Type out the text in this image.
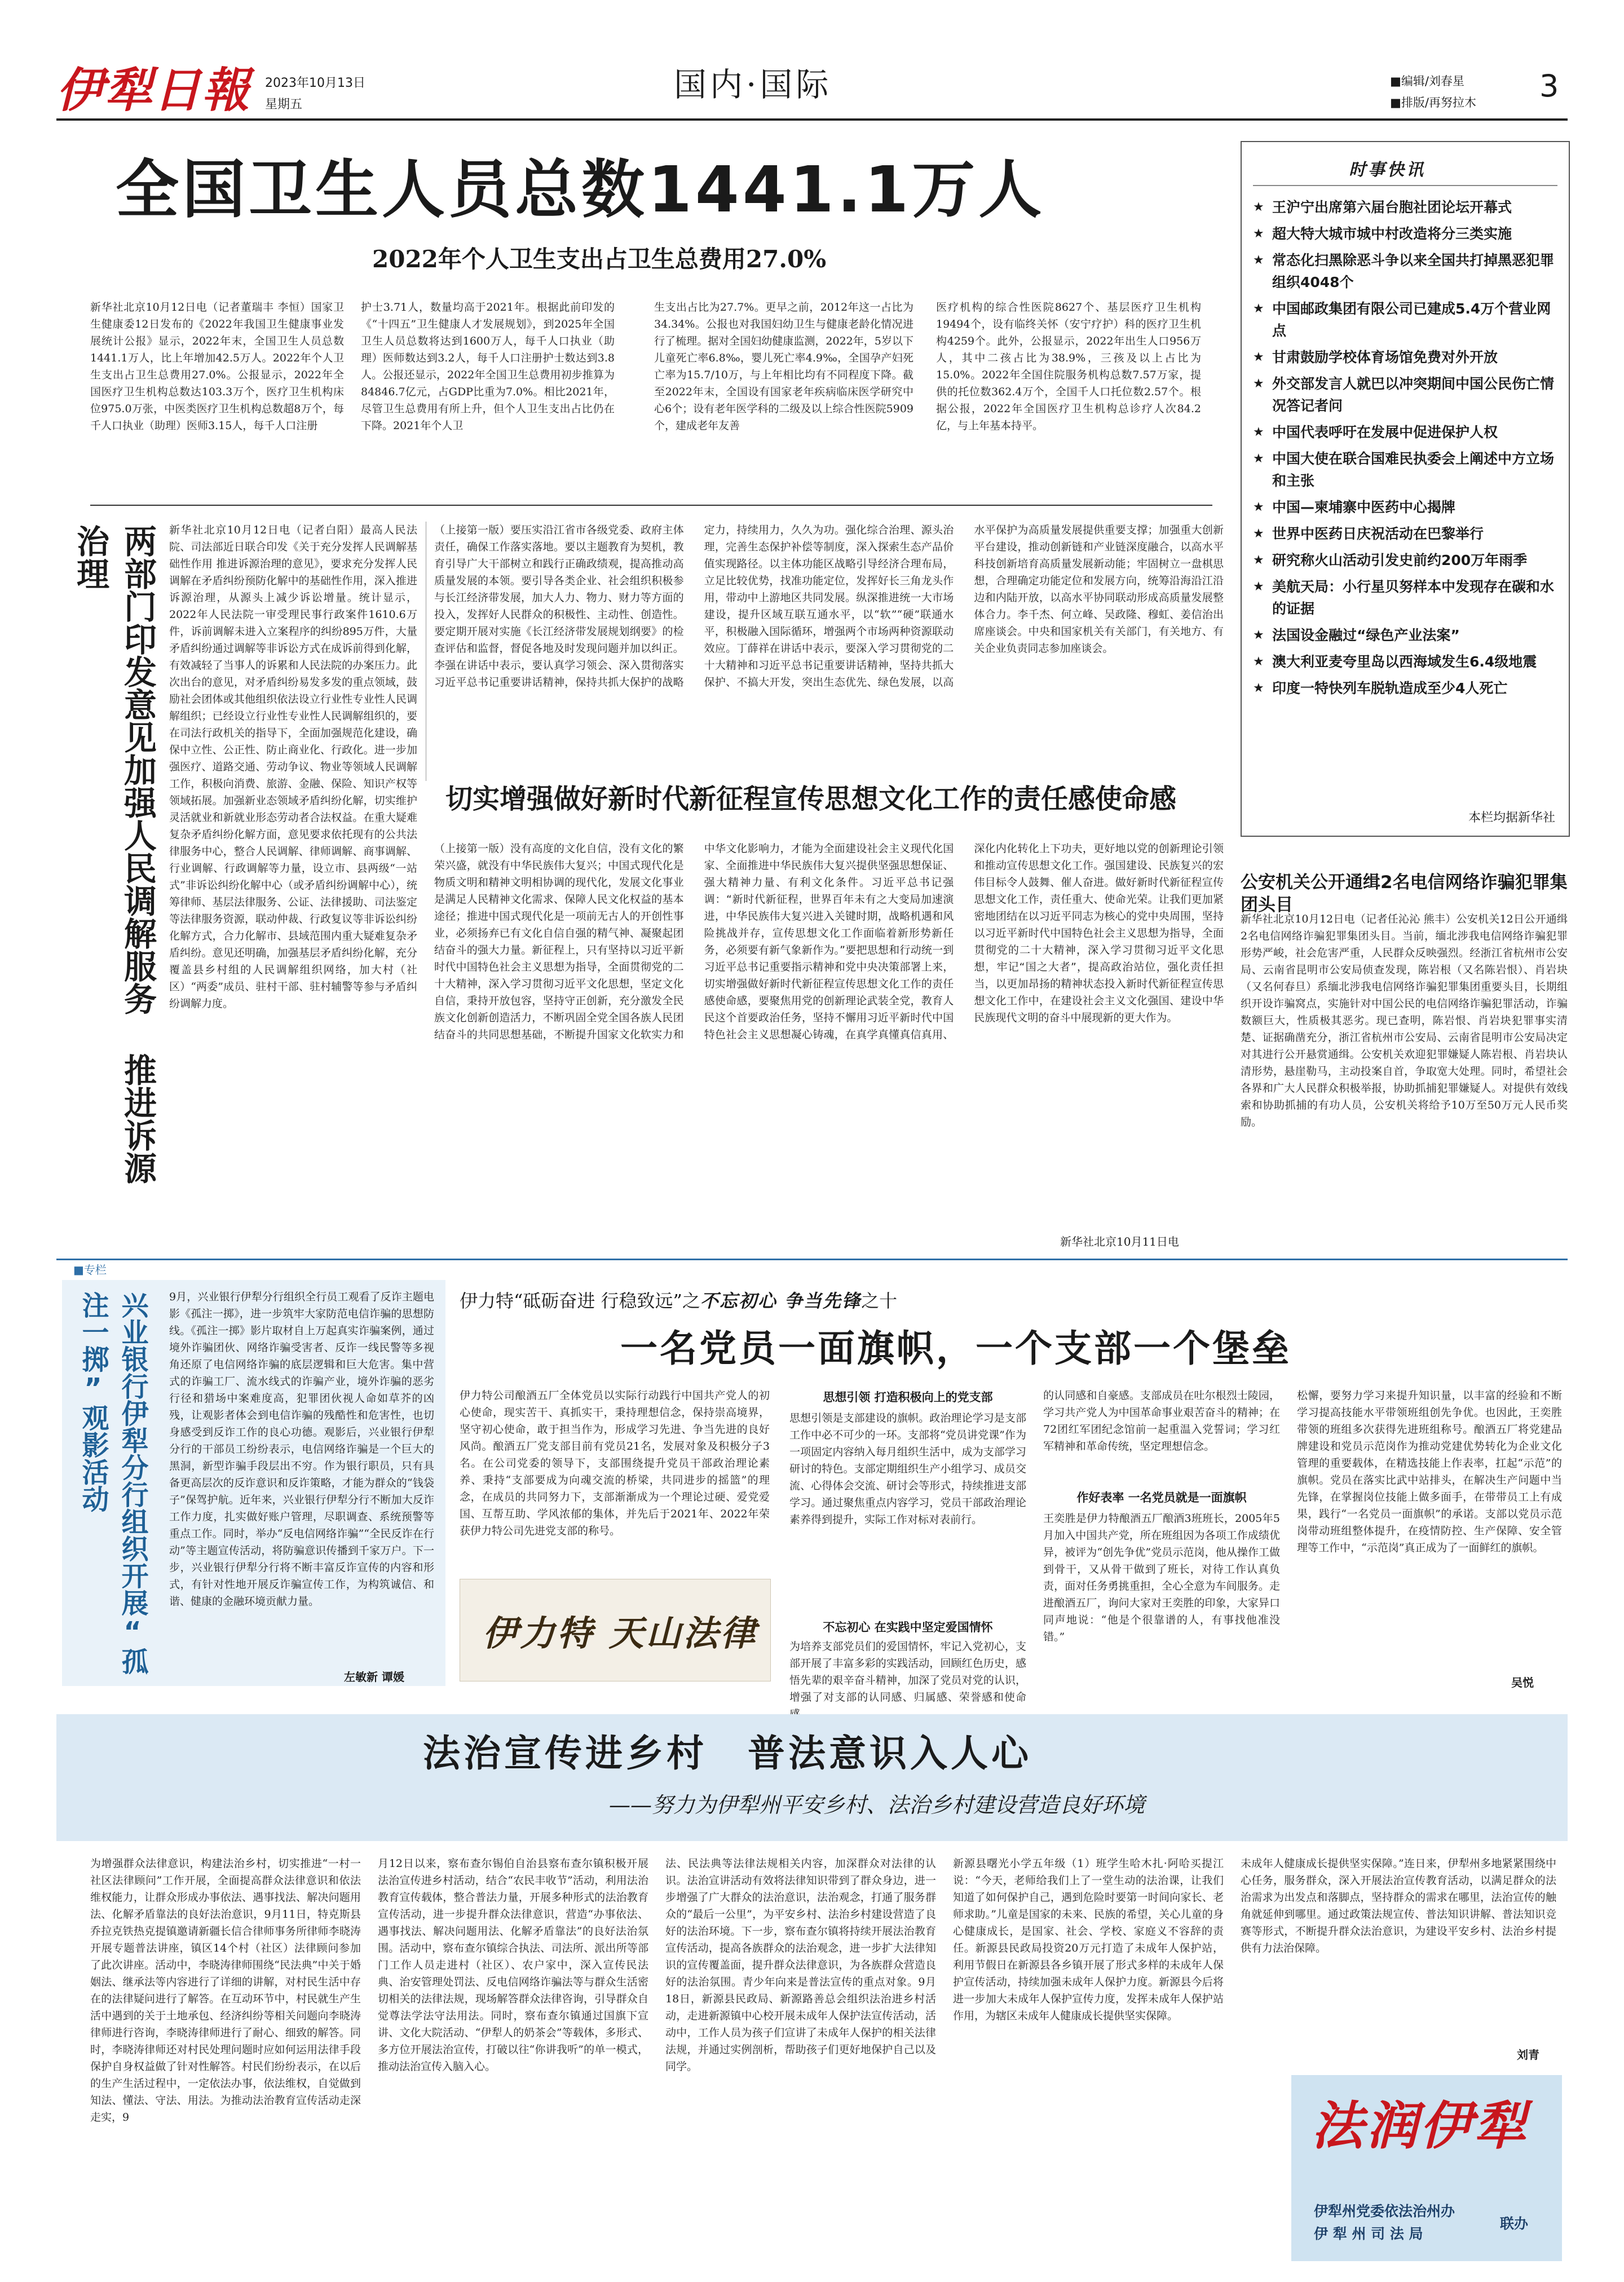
伊犁日報 2023年10月13日
星期五
国内·国际	■编辑/刘春星
■排版/再努拉木 3
全国卫生人员总数1441.1万人
2022年个人卫生支出占卫生总费用27.0%
新华社北京10月12日电（记者董瑞丰 李恒）国家卫生健康委12日发布的《2022年我国卫生健康事业发展统计公报》显示，2022年末，全国卫生人员总数1441.1万人，比上年增加42.5万人。2022年个人卫生支出占卫生总费用27.0%。公报显示，2022年全国医疗卫生机构总数达103.3万个，医疗卫生机构床位975.0万张，中医类医疗卫生机构总数超8万个，每千人口执业（助理）医师3.15人，每千人口注册
护士3.71人，数量均高于2021年。根据此前印发的《“十四五”卫生健康人才发展规划》，到2025年全国卫生人员总数将达到1600万人，每千人口执业（助理）医师数达到3.2人，每千人口注册护士数达到3.8人。公报还显示，2022年全国卫生总费用初步推算为84846.7亿元，占GDP比重为7.0%。相比2021年，尽管卫生总费用有所上升，但个人卫生支出占比仍在下降。2021年个人卫
生支出占比为27.7%。更早之前，2012年这一占比为34.34%。公报也对我国妇幼卫生与健康老龄化情况进行了梳理。据对全国妇幼健康监测，2022年，5岁以下儿童死亡率6.8‰，婴儿死亡率4.9‰，全国孕产妇死亡率为15.7/10万，与上年相比均有不同程度下降。截至2022年末，全国设有国家老年疾病临床医学研究中心6个；设有老年医学科的二级及以上综合性医院5909个，建成老年友善
医疗机构的综合性医院8627个、基层医疗卫生机构19494个，设有临终关怀（安宁疗护）科的医疗卫生机构4259个。此外，公报显示，2022年出生人口956万人，其中二孩占比为38.9%，三孩及以上占比为15.0%。2022年全国住院服务机构总数7.57万家，提供的托位数362.4万个，全国千人口托位数2.57个。根据公报，2022年全国医疗卫生机构总诊疗人次84.2亿，与上年基本持平。
时事快讯
★ 王沪宁出席第六届台胞社团论坛开幕式
★ 超大特大城市城中村改造将分三类实施
★ 常态化扫黑除恶斗争以来全国共打掉黑恶犯罪组织4048个
★ 中国邮政集团有限公司已建成5.4万个营业网点
★ 甘肃鼓励学校体育场馆免费对外开放
★ 外交部发言人就巴以冲突期间中国公民伤亡情况答记者问
★ 中国代表呼吁在发展中促进保护人权
★ 中国大使在联合国难民执委会上阐述中方立场和主张
★ 中国—柬埔寨中医药中心揭牌
★ 世界中医药日庆祝活动在巴黎举行
★ 研究称火山活动引发史前约200万年雨季
★ 美航天局：小行星贝努样本中发现存在碳和水的证据
★ 法国设金融过“绿色产业法案”
★ 澳大利亚麦夸里岛以西海域发生6.4级地震
★ 印度一特快列车脱轨造成至少4人死亡
本栏均据新华社
两部门印发意见加强人民调解服务 推进诉源治理	新华社北京10月12日电（记者白阳）最高人民法院、司法部近日联合印发《关于充分发挥人民调解基础性作用 推进诉源治理的意见》，要求充分发挥人民调解在矛盾纠纷预防化解中的基础性作用，深入推进诉源治理，从源头上减少诉讼增量。统计显示，2022年人民法院一审受理民事行政案件1610.6万件，诉前调解未进入立案程序的纠纷895万件，大量矛盾纠纷通过调解等非诉讼方式在成诉前得到化解，有效减轻了当事人的诉累和人民法院的办案压力。此次出台的意见，对矛盾纠纷易发多发的重点领域，鼓励社会团体或其他组织依法设立行业性专业性人民调解组织；已经设立行业性专业性人民调解组织的，要在司法行政机关的指导下，全面加强规范化建设，确保中立性、公正性、防止商业化、行政化。进一步加强医疗、道路交通、劳动争议、物业等领域人民调解工作，积极向消费、旅游、金融、保险、知识产权等领域拓展。加强新业态领域矛盾纠纷化解，切实维护灵活就业和新就业形态劳动者合法权益。在重大疑难复杂矛盾纠纷化解方面，意见要求依托现有的公共法律服务中心，整合人民调解、律师调解、商事调解、行业调解、行政调解等力量，设立市、县两级“一站式”非诉讼纠纷化解中心（或矛盾纠纷调解中心），统筹律师、基层法律服务、公证、法律援助、司法鉴定等法律服务资源，联动仲裁、行政复议等非诉讼纠纷化解方式，合力化解市、县域范围内重大疑难复杂矛盾纠纷。意见还明确，加强基层矛盾纠纷化解，充分覆盖县乡村组的人民调解组织网络，加大村（社区）“两委”成员、驻村干部、驻村辅警等参与矛盾纠纷调解力度。
（上接第一版）要压实沿江省市各级党委、政府主体责任，确保工作落实落地。要以主题教育为契机，教育引导广大干部树立和践行正确政绩观，提高推动高质量发展的本领。要引导各类企业、社会组织积极参与长江经济带发展，加大人力、物力、财力等方面的投入，发挥好人民群众的积极性、主动性、创造性。要定期开展对实施《长江经济带发展规划纲要》的检查评估和监督，督促各地及时发现问题并加以纠正。李强在讲话中表示，要认真学习领会、深入贯彻落实习近平总书记重要讲话精神，保持共抓大保护的战略定力，持续用力，久久为功。强化综合治理、源头治理，完善生态保护补偿等制度，深入探索生态产品价值实现路径。以主体功能区战略引导经济合理布局，立足比较优势，找准功能定位，发挥好长三角龙头作用，带动中上游地区共同发展。纵深推进统一大市场建设，提升区域互联互通水平，以“软”“硬”联通水平，积极融入国际循环，增强两个市场两种资源联动效应。丁薛祥在讲话中表示，要深入学习贯彻党的二十大精神和习近平总书记重要讲话精神，坚持共抓大保护、不搞大开发，突出生态优先、绿色发展，以高水平保护为高质量发展提供重要支撑；加强重大创新平台建设，推动创新链和产业链深度融合，以高水平科技创新培育高质量发展新动能；牢固树立一盘棋思想，合理确定功能定位和发展方向，统筹沿海沿江沿边和内陆开放，以高水平协同联动形成高质量发展整体合力。李千杰、何立峰、吴政隆、穆虹、姜信治出席座谈会。中央和国家机关有关部门，有关地方、有关企业负责同志参加座谈会。
切实增强做好新时代新征程宣传思想文化工作的责任感使命感
（上接第一版）没有高度的文化自信，没有文化的繁荣兴盛，就没有中华民族伟大复兴；中国式现代化是物质文明和精神文明相协调的现代化，发展文化事业是满足人民精神文化需求、保障人民文化权益的基本途径；推进中国式现代化是一项前无古人的开创性事业，必须扬弃已有文化自信自强的精气神、凝聚起团结奋斗的强大力量。新征程上，只有坚持以习近平新时代中国特色社会主义思想为指导，全面贯彻党的二十大精神，深入学习贯彻习近平文化思想，坚定文化自信，秉持开放包容，坚持守正创新，充分激发全民族文化创新创造活力，不断巩固全党全国各族人民团结奋斗的共同思想基础，不断提升国家文化软实力和中华文化影响力，才能为全面建设社会主义现代化国家、全面推进中华民族伟大复兴提供坚强思想保证、强大精神力量、有利文化条件。习近平总书记强调：“新时代新征程，世界百年未有之大变局加速演进，中华民族伟大复兴进入关键时期，战略机遇和风险挑战并存，宣传思想文化工作面临着新形势新任务，必须要有新气象新作为。”要把思想和行动统一到习近平总书记重要指示精神和党中央决策部署上来，切实增强做好新时代新征程宣传思想文化工作的责任感使命感，要聚焦用党的创新理论武装全党，教育人民这个首要政治任务，坚持不懈用习近平新时代中国特色社会主义思想凝心铸魂，在真学真懂真信真用、深化内化转化上下功夫，更好地以党的创新理论引领和推动宣传思想文化工作。强国建设、民族复兴的宏伟目标令人鼓舞、催人奋进。做好新时代新征程宣传思想文化工作，责任重大、使命光荣。让我们更加紧密地团结在以习近平同志为核心的党中央周围，坚持以习近平新时代中国特色社会主义思想为指导，全面贯彻党的二十大精神，深入学习贯彻习近平文化思想，牢记“国之大者”，提高政治站位，强化责任担当，以更加昂扬的精神状态投入新时代新征程宣传思想文化工作中，在建设社会主义文化强国、建设中华民族现代文明的奋斗中展现新的更大作为。
新华社北京10月11日电
公安机关公开通缉2名电信网络诈骗犯罪集团头目
新华社北京10月12日电（记者任沁沁 熊丰）公安机关12日公开通缉2名电信网络诈骗犯罪集团头目。当前，缅北涉我电信网络诈骗犯罪形势严峻，社会危害严重，人民群众反映强烈。经浙江省杭州市公安局、云南省昆明市公安局侦查发现，陈岩根（又名陈岩恨）、肖岩块（又名何春旦）系缅北涉我电信网络诈骗犯罪集团重要头目，长期组织开设诈骗窝点，实施针对中国公民的电信网络诈骗犯罪活动，诈骗数额巨大，性质极其恶劣。现已查明，陈岩恨、肖岩块犯罪事实清楚、证据确凿充分，浙江省杭州市公安局、云南省昆明市公安局决定对其进行公开悬赏通缉。公安机关欢迎犯罪嫌疑人陈岩根、肖岩块认清形势，悬崖勒马，主动投案自首，争取宽大处理。同时，希望社会各界和广大人民群众积极举报，协助抓捕犯罪嫌疑人。对提供有效线索和协助抓捕的有功人员，公安机关将给予10万至50万元人民币奖励。
■专栏
兴业银行伊犁分行组织开展“孤注一掷”观影活动	9月，兴业银行伊犁分行组织全行员工观看了反诈主题电影《孤注一掷》，进一步筑牢大家防范电信诈骗的思想防线。《孤注一掷》影片取材自上万起真实诈骗案例，通过境外诈骗团伙、网络诈骗受害者、反诈一线民警等多视角还原了电信网络诈骗的底层逻辑和巨大危害。集中营式的诈骗工厂、流水线式的诈骗产业，境外诈骗的恶劣行径和猎场中案难度高，犯罪团伙视人命如草芥的凶残，让观影者体会到电信诈骗的残酷性和危害性，也切身感受到反诈工作的良心功德。观影后，兴业银行伊犁分行的干部员工纷纷表示，电信网络诈骗是一个巨大的黑洞，新型诈骗手段层出不穷。作为银行职员，只有具备更高层次的反诈意识和反诈策略，才能为群众的“钱袋子”保驾护航。近年来，兴业银行伊犁分行不断加大反诈工作力度，扎实做好账户管理，尽职调查、系统预警等重点工作。同时，举办“反电信网络诈骗”“全民反诈在行动”等主题宣传活动，将防骗意识传播到千家万户。下一步，兴业银行伊犁分行将不断丰富反诈宣传的内容和形式，有针对性地开展反诈骗宣传工作，为构筑诚信、和谐、健康的金融环境贡献力量。
左敏新 谭媛
伊力特“砥砺奋进 行稳致远”之不忘初心 争当先锋之十
一名党员一面旗帜，一个支部一个堡垒
伊力特公司酿酒五厂全体党员以实际行动践行中国共产党人的初心使命，现实苦干、真抓实干，秉持理想信念，保持崇高境界，坚守初心使命，敢于担当作为，形成学习先进、争当先进的良好风尚。酿酒五厂党支部目前有党员21名，发展对象及积极分子3名。在公司党委的领导下，支部围绕提升党员干部政治理论素养、秉持“支部要成为向魂交流的桥梁，共同进步的摇篮”的理念，在成员的共同努力下，支部渐渐成为一个理论过硬、爱党爱国、互帮互助、学风浓郁的集体，并先后于2021年、2022年荣获伊力特公司先进党支部的称号。
伊力特 天山法律
思想引领 打造积极向上的党支部
思想引领是支部建设的旗帜。政治理论学习是支部工作中必不可少的一环。支部将“党员讲党课”作为一项固定内容纳入每月组织生活中，成为支部学习研讨的特色。支部定期组织生产小组学习、成员交流、心得体会交流、研讨会等形式，持续推进支部学习。通过聚焦重点内容学习，党员干部政治理论素养得到提升，实际工作对标对表前行。
不忘初心 在实践中坚定爱国情怀
为培养支部党员们的爱国情怀，牢记入党初心，支部开展了丰富多彩的实践活动，回顾红色历史，感悟先辈的艰辛奋斗精神，加深了党员对党的认识，增强了对支部的认同感、归属感、荣誉感和使命
的认同感和自豪感。支部成员在吐尔根烈士陵园，学习共产党人为中国革命事业艰苦奋斗的精神；在72团红军团纪念馆前一起重温入党誓词；学习红军精神和革命传统，坚定理想信念。
作好表率 一名党员就是一面旗帜
王奕胜是伊力特酿酒五厂酿酒3班班长，2005年5月加入中国共产党，所在班组因为各项工作成绩优异，被评为“创先争优”党员示范岗，他从操作工做到骨干，又从骨干做到了班长，对待工作认真负责，面对任务勇挑重担，全心全意为车间服务。走进酿酒五厂，询问大家对王奕胜的印象，大家异口同声地说：“他是个很靠谱的人，有事找他准没错。”
松懈，要努力学习来提升知识量，以丰富的经验和不断学习提高技能水平带领班组创先争优。也因此，王奕胜带领的班组多次获得先进班组称号。酿酒五厂将党建品牌建设和党员示范岗作为推动党建优势转化为企业文化管理的重要载体，在精选技能上作表率，扛起“示范”的旗帜。党员在落实比武中站排头，在解决生产问题中当先锋，在掌握岗位技能上做多面手，在带带员工上有成果，践行“一名党员一面旗帜”的承诺。支部以党员示范岗带动班组整体提升，在疫情防控、生产保障、安全管理等工作中，“示范岗”真正成为了一面鲜红的旗帜。
吴悦
法治宣传进乡村　普法意识入人心
——努力为伊犁州平安乡村、法治乡村建设营造良好环境
为增强群众法律意识，构建法治乡村，切实推进“一村一社区法律顾问”工作开展，全面提高群众法律意识和依法维权能力，让群众形成办事依法、遇事找法、解决问题用法、化解矛盾靠法的良好法治意识，9月11日，特克斯县乔拉克铁热克提镇邀请新疆长信合律师事务所律师李晓涛开展专题普法讲座，镇区14个村（社区）法律顾问参加了此次讲座。活动中，李晓涛律师围绕“民法典”中关于婚姻法、继承法等内容进行了详细的讲解，对村民生活中存在的法律疑问进行了解答。在互动环节中，村民就生产生活中遇到的关于土地承包、经济纠纷等相关问题向李晓涛律师进行咨询，李晓涛律师进行了耐心、细致的解答。同时，李晓涛律师还对村民处理问题时应如何运用法律手段保护自身权益做了针对性解答。村民们纷纷表示，在以后的生产生活过程中，一定依法办事，依法维权，自觉做到知法、懂法、守法、用法。为推动法治教育宣传活动走深走实，9
月12日以来，察布查尔锡伯自治县察布查尔镇积极开展法治宣传进乡村活动，结合“农民丰收节”活动，利用法治教育宣传载体，整合普法力量，开展多种形式的法治教育宣传活动，进一步提升群众法律意识，营造“办事依法、遇事找法、解决问题用法、化解矛盾靠法”的良好法治氛围。活动中，察布查尔镇综合执法、司法所、派出所等部门工作人员走进村（社区）、农户家中，深入宣传民法典、治安管理处罚法、反电信网络诈骗法等与群众生活密切相关的法律法规，现场解答群众法律咨询，引导群众自觉尊法学法守法用法。同时，察布查尔镇通过国旗下宣讲、文化大院活动、“伊犁人的奶茶会”等载体，多形式、多方位开展法治宣传，打破以往“你讲我听”的单一模式，推动法治宣传入脑入心。
法、民法典等法律法规相关内容，加深群众对法律的认识。法治宣讲活动有效将法律知识带到了群众身边，进一步增强了广大群众的法治意识，法治观念，打通了服务群众的“最后一公里”，为平安乡村、法治乡村建设营造了良好的法治环境。下一步，察布查尔镇将持续开展法治教育宣传活动，提高各族群众的法治观念，进一步扩大法律知识的宣传覆盖面，提升群众法律意识，为各族群众营造良好的法治氛围。青少年向来是普法宣传的重点对象。9月18日，新源县民政局、新源路善总会组织法治进乡村活动，走进新源镇中心校开展未成年人保护法宣传活动，活动中，工作人员为孩子们宣讲了未成年人保护的相关法律法规，并通过实例剖析，帮助孩子们更好地保护自己以及同学。
新源县曙光小学五年级（1）班学生哈木扎·阿哈买提江说：“今天，老师给我们上了一堂生动的法治课，让我们知道了如何保护自己，遇到危险时要第一时间向家长、老师求助。”儿童是国家的未来、民族的希望，关心儿童的身心健康成长，是国家、社会、学校、家庭义不容辞的责任。新源县民政局投资20万元打造了未成年人保护站，利用节假日在新源县各乡镇开展了形式多样的未成年人保护宣传活动，持续加强未成年人保护力度。新源县今后将进一步加大未成年人保护宣传力度，发挥未成年人保护站作用，为辖区未成年人健康成长提供坚实保障。
未成年人健康成长提供坚实保障。”连日来，伊犁州多地紧紧围绕中心任务，服务群众，深入开展法治宣传教育活动，以满足群众的法治需求为出发点和落脚点，坚持群众的需求在哪里，法治宣传的触角就延伸到哪里。通过政策法规宣传、普法知识讲解、普法知识竞赛等形式，不断提升群众法治意识，为建设平安乡村、法治乡村提供有力法治保障。
刘青
法润伊犁
伊犁州党委依法治州办
伊 犁 州 司 法 局
联办
